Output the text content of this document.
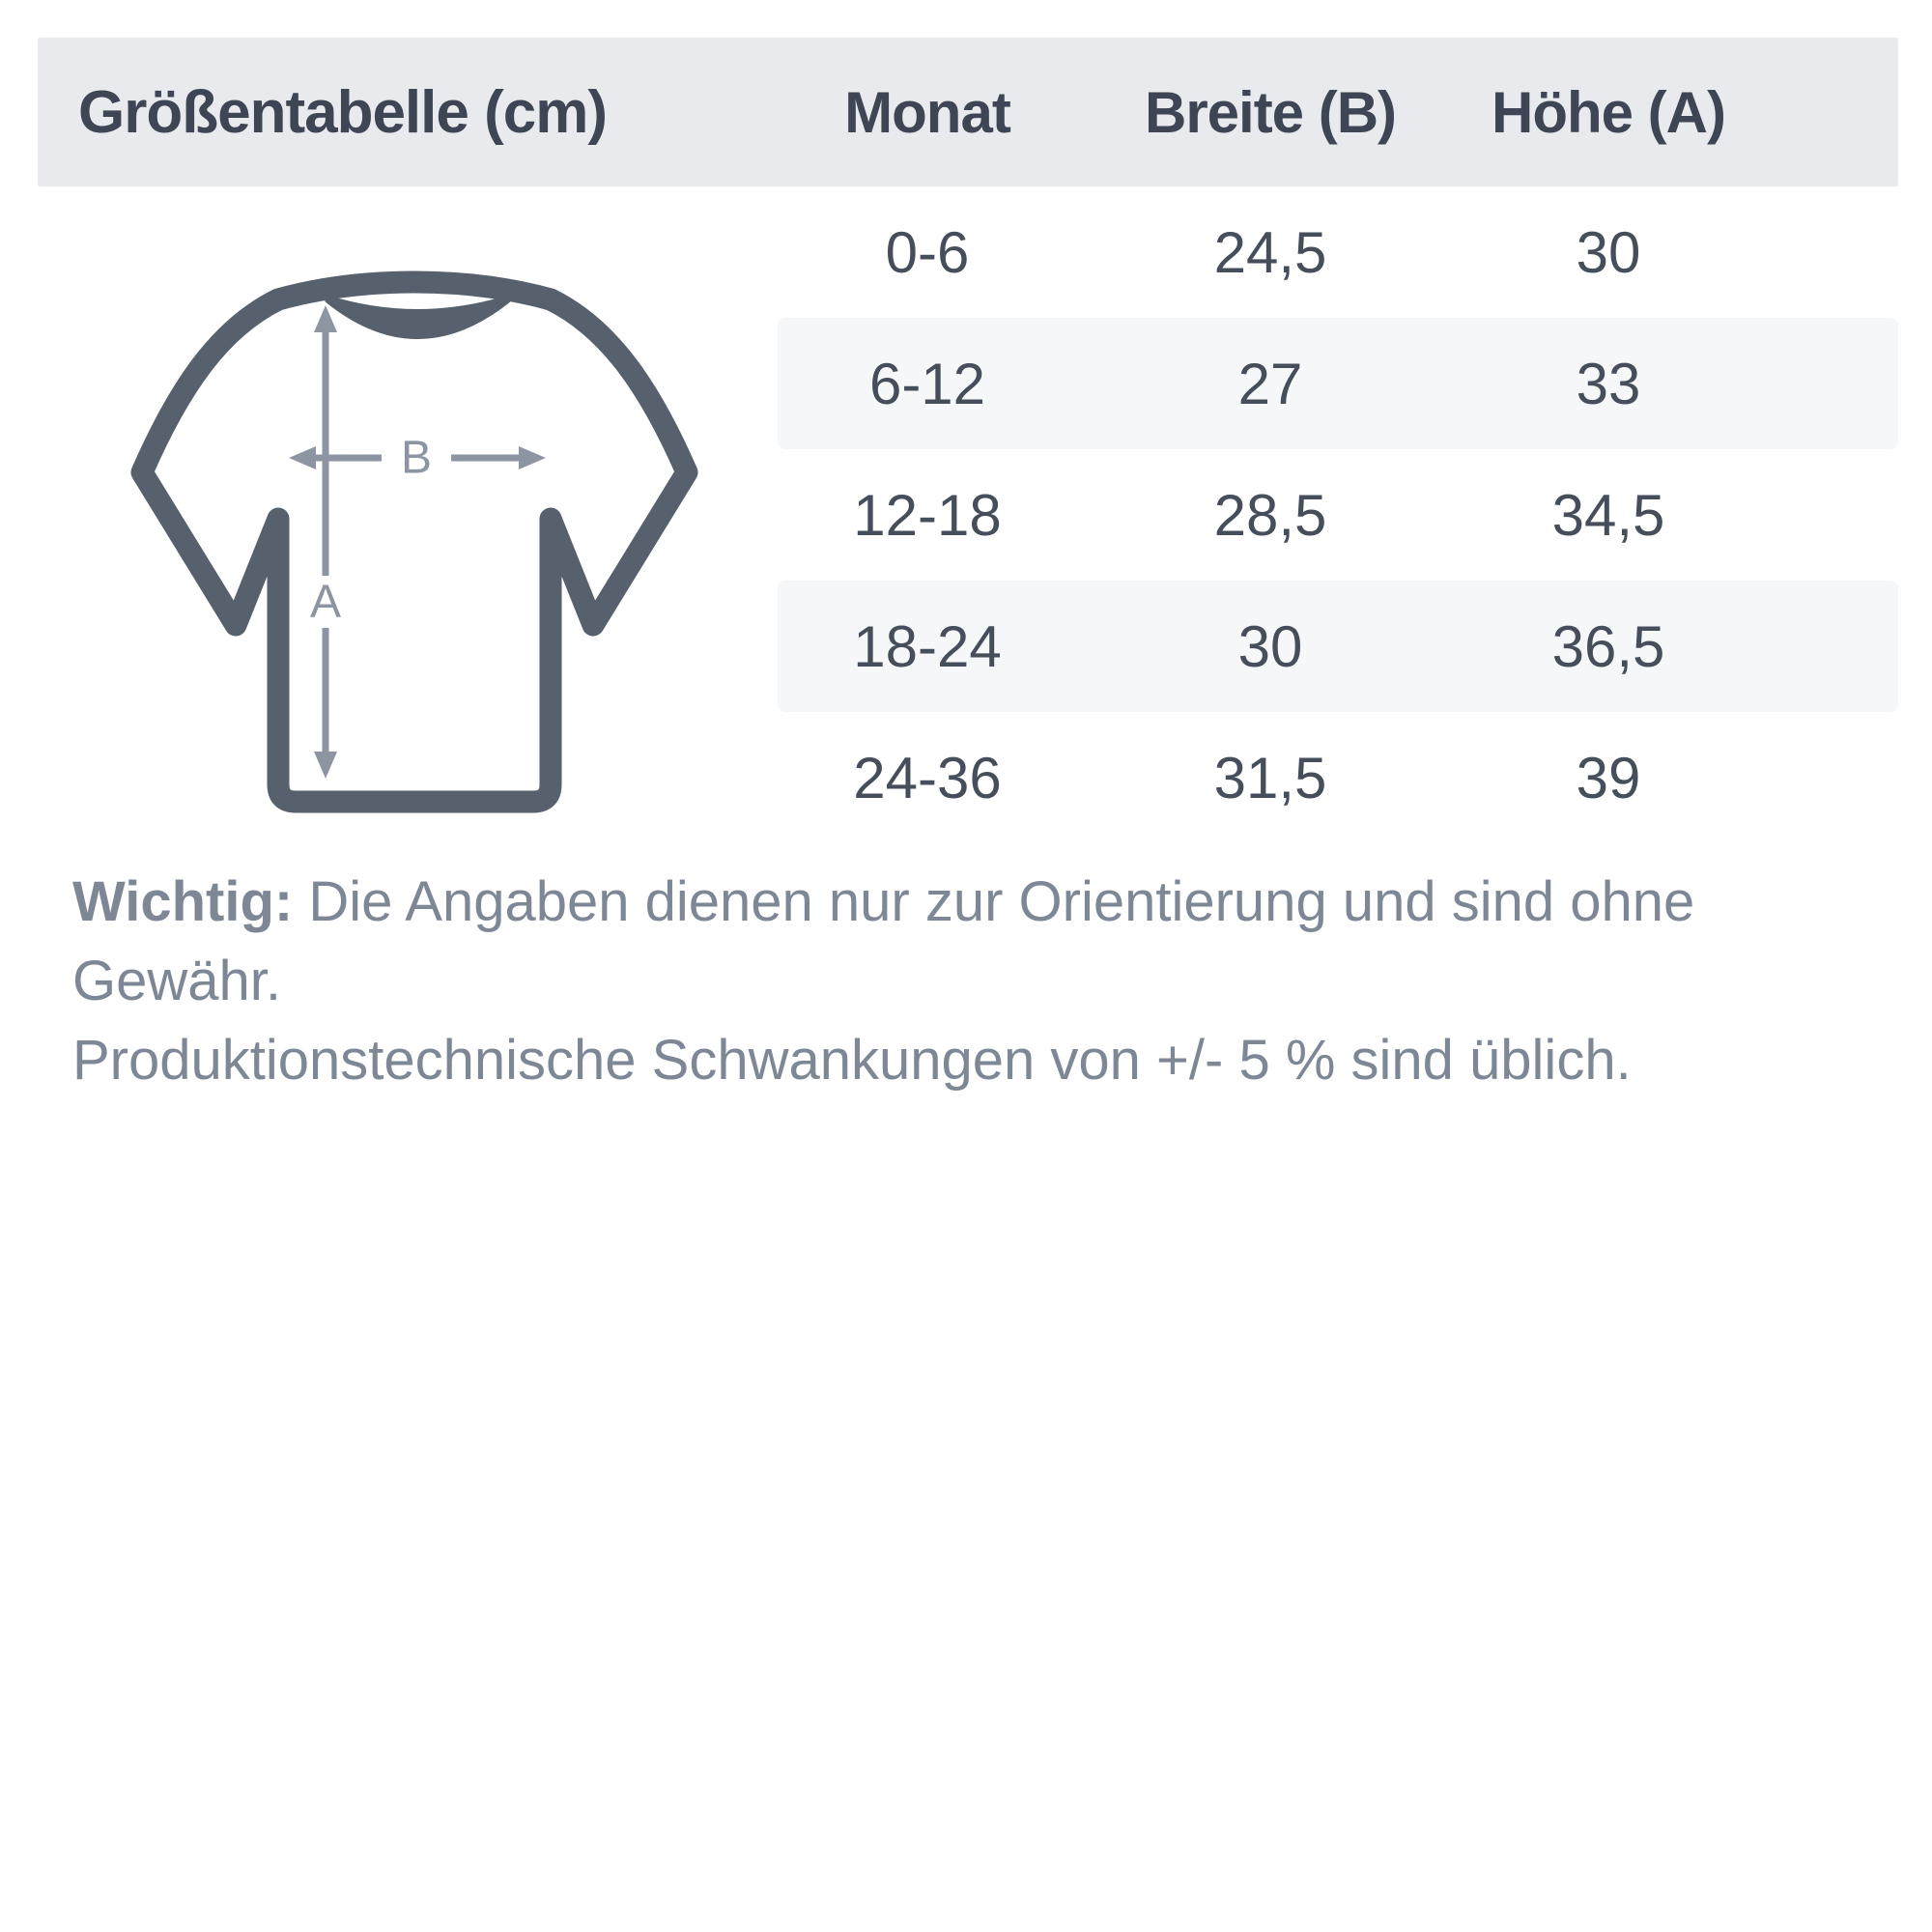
Größentabelle (cm)	Monat	Breite (B)	Höhe (A)
0-6	24,5	30
6-12	27	33
12-18	28,5	34,5
18-24	30	36,5
24-36	31,5	39
A
B
Wichtig: Die Angaben dienen nur zur Orientierung und sind ohne Gewähr.
Produktionstechnische Schwankungen von +/- 5 % sind üblich.
